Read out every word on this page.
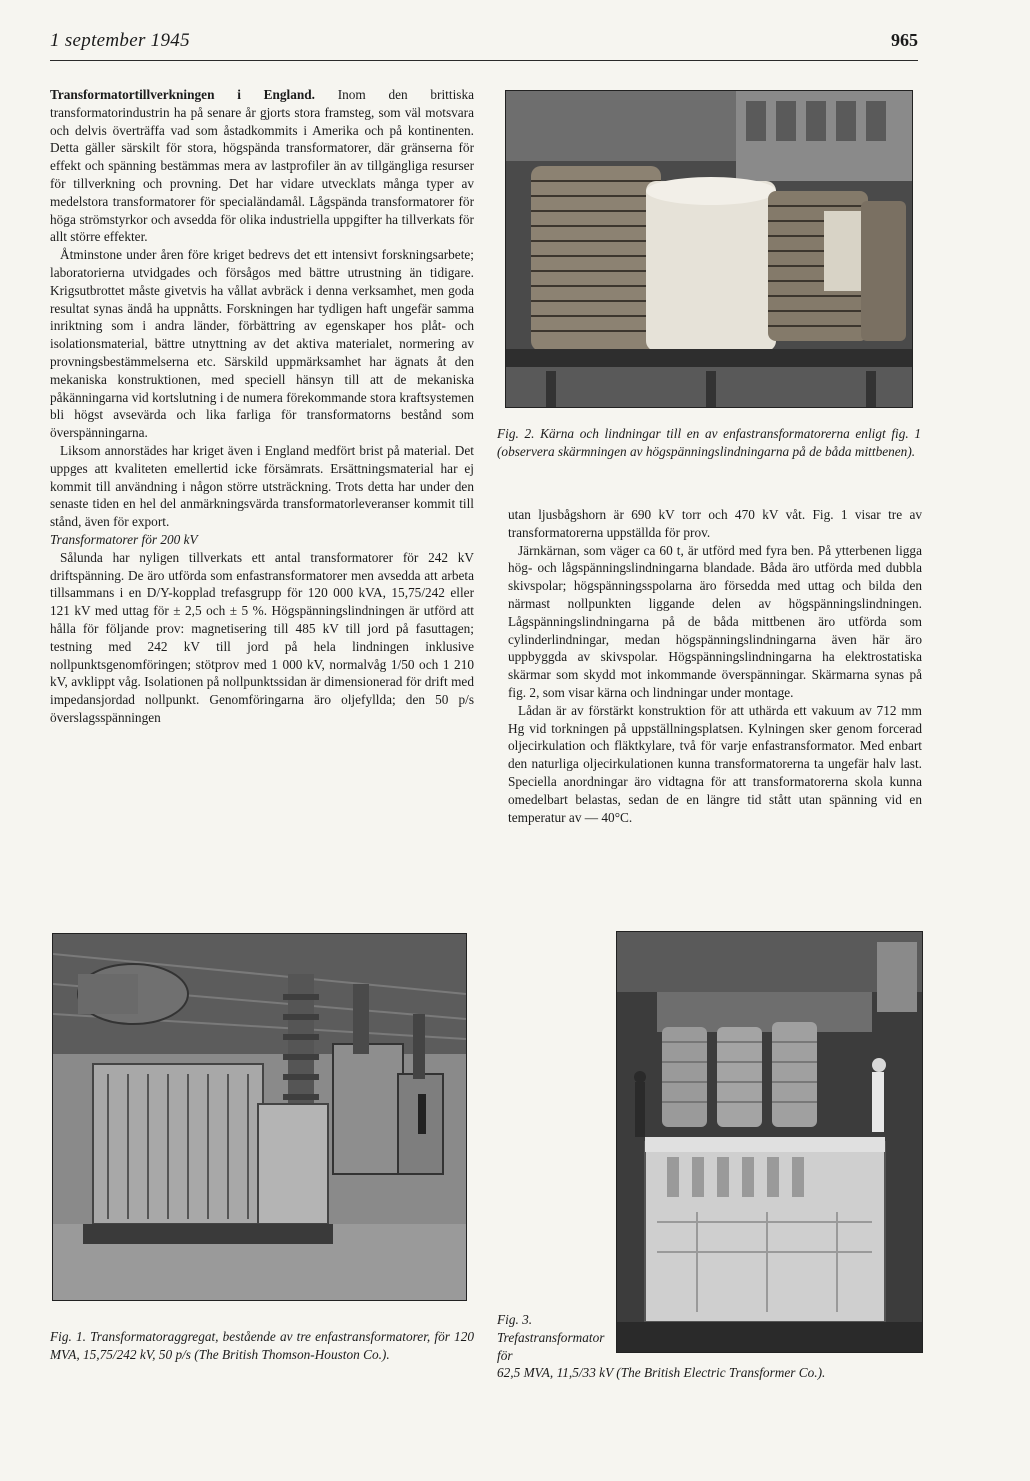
1 september 1945	965

Transformatortillverkningen i England. Inom den brittiska transformatorindustrin ha på senare år gjorts stora framsteg, som väl motsvara och delvis överträffa vad som åstadkommits i Amerika och på kontinenten. Detta gäller särskilt för stora, högspända transformatorer, där gränserna för effekt och spänning bestämmas mera av lastprofiler än av tillgängliga resurser för tillverkning och provning. Det har vidare utvecklats många typer av medelstora transformatorer för specialändamål. Lågspända transformatorer för höga strömstyrkor och avsedda för olika industriella uppgifter ha tillverkats för allt större effekter.

Åtminstone under åren före kriget bedrevs det ett intensivt forskningsarbete; laboratorierna utvidgades och försågos med bättre utrustning än tidigare. Krigsutbrottet måste givetvis ha vållat avbräck i denna verksamhet, men goda resultat synas ändå ha uppnåtts. Forskningen har tydligen haft ungefär samma inriktning som i andra länder, förbättring av egenskaper hos plåt- och isolationsmaterial, bättre utnyttning av det aktiva materialet, normering av provningsbestämmelserna etc. Särskild uppmärksamhet har ägnats åt den mekaniska konstruktionen, med speciell hänsyn till att de mekaniska påkänningarna vid kortslutning i de numera förekommande stora kraftsystemen bli högst avsevärda och lika farliga för transformatorns bestånd som överspänningarna.

Liksom annorstädes har kriget även i England medfört brist på material. Det uppges att kvaliteten emellertid icke försämrats. Ersättningsmaterial har ej kommit till användning i någon större utsträckning. Trots detta har under den senaste tiden en hel del anmärkningsvärda transformatorleveranser kommit till stånd, även för export.

Transformatorer för 200 kV

Sålunda har nyligen tillverkats ett antal transformatorer för 242 kV driftspänning. De äro utförda som enfastransformatorer men avsedda att arbeta tillsammans i en D/Y-kopplad trefasgrupp för 120 000 kVA, 15,75/242 eller 121 kV med uttag för ± 2,5 och ± 5 %. Högspänningslindningen är utförd att hålla för följande prov: magnetisering till 485 kV till jord på fasuttagen; testning med 242 kV till jord på hela lindningen inklusive nollpunktsgenomföringen; stötprov med 1 000 kV, normalvåg 1/50 och 1 210 kV, avklippt våg. Isolationen på nollpunktssidan är dimensionerad för drift med impedansjordad nollpunkt. Genomföringarna äro oljefyllda; den 50 p/s överslagsspänningen

Fig. 2. Kärna och lindningar till en av enfastransformatorerna enligt fig. 1 (observera skärmningen av högspänningslindningarna på de båda mittbenen).

utan ljusbågshorn är 690 kV torr och 470 kV våt. Fig. 1 visar tre av transformatorerna uppställda för prov.

Järnkärnan, som väger ca 60 t, är utförd med fyra ben. På ytterbenen ligga hög- och lågspänningslindningarna blandade. Båda äro utförda med dubbla skivspolar; högspänningsspolarna äro försedda med uttag och bilda den närmast nollpunkten liggande delen av högspänningslindningen. Lågspänningslindningarna på de båda mittbenen äro utförda som cylinderlindningar, medan högspänningslindningarna även här äro uppbyggda av skivspolar. Högspänningslindningarna ha elektrostatiska skärmar som skydd mot inkommande överspänningar. Skärmarna synas på fig. 2, som visar kärna och lindningar under montage.

Lådan är av förstärkt konstruktion för att uthärda ett vakuum av 712 mm Hg vid torkningen på uppställningsplatsen. Kylningen sker genom forcerad oljecirkulation och fläktkylare, två för varje enfastransformator. Med enbart den naturliga oljecirkulationen kunna transformatorerna ta ungefär halv last. Speciella anordningar äro vidtagna för att transformatorerna skola kunna omedelbart belastas, sedan de en längre tid stått utan spänning vid en temperatur av — 40°C.

Fig. 1. Transformatoraggregat, bestående av tre enfastransformatorer, för 120 MVA, 15,75/242 kV, 50 p/s (The British Thomson-Houston Co.).
Fig. 3. Trefastransformator för
62,5 MVA, 11,5/33 kV (The British Electric Transformer Co.).
